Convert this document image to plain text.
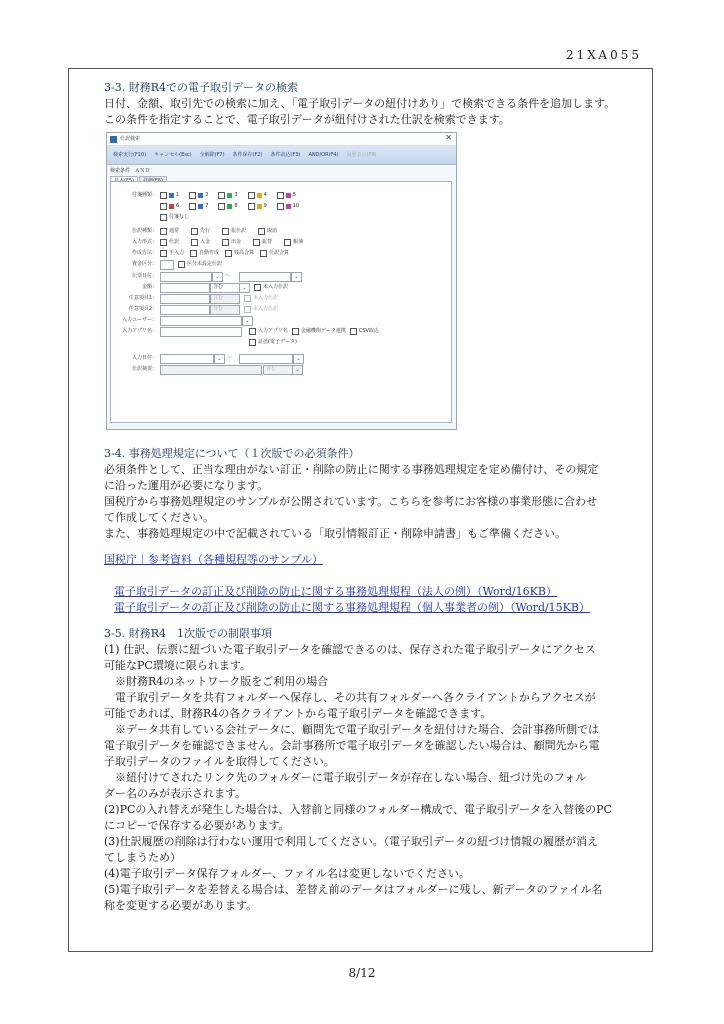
21XA055

3-3. 財務R4での電子取引データの検索

日付、金額、取引先での検索に加え、「電子取引データの紐付けあり」で検索できる条件を追加します。

この条件を指定することで、電子取引データが紐付けされた仕訳を検索できます。

仕訳検索	✕
検索実行(F10)	キャンセル(Esc)	全解除(F7)	条件保存(F2)	条件読込(F3)	AND/OR(F4)	履歴表示(F8)
検索条件 ＡＮＤ
付箋種類：	1	2	3	4	5
6	7	8	9	10
付箋なし
仕訳種類： 通常	先行	振仕訳	取消
入力形式： 仕訳	入金	出金	振替	帳簿
作成方法： 手入力	自動作成	残高合算	仕訳合算
資金区分：	区分未設定仕訳
伝票日付：	⌄	～	⌄
金額：	含む	⌄	未入力仕訳
任意項目1：	含む	未入力仕訳
任意項目2：	含む	未入力仕訳
入力ユーザー：	⌄
入力アプリ名：	入力アプリ名	金融機関データ連携	CSV取込
証憑(電子データ)
入力日付：	⌄	～	⌄
仕訳摘要：	含む	⌄

3-4. 事務処理規定について（１次版での必須条件）

必須条件として、正当な理由がない訂正・削除の防止に関する事務処理規定を定め備付け、その規定

に沿った運用が必要になります。

国税庁から事務処理規定のサンプルが公開されています。こちらを参考にお客様の事業形態に合わせ

て作成してください。

また、事務処理規定の中で記載されている「取引情報訂正・削除申請書」もご準備ください。

国税庁｜参考資料（各種規程等のサンプル）
電子取引データの訂正及び削除の防止に関する事務処理規程（法人の例）（Word/16KB）
電子取引データの訂正及び削除の防止に関する事務処理規程（個人事業者の例）（Word/15KB）

3-5. 財務R4　1次版での制限事項

(1) 仕訳、伝票に紐づいた電子取引データを確認できるのは、保存された電子取引データにアクセス

可能なPC環境に限られます。

※財務R4のネットワーク版をご利用の場合

電子取引データを共有フォルダーへ保存し、その共有フォルダーへ各クライアントからアクセスが

可能であれば、財務R4の各クライアントから電子取引データを確認できます。

※データ共有している会社データに、顧問先で電子取引データを紐付けた場合、会計事務所側では

電子取引データを確認できません。会計事務所で電子取引データを確認したい場合は、顧問先から電

子取引データのファイルを取得してください。

※紐付けてされたリンク先のフォルダーに電子取引データが存在しない場合、紐づけ先のフォル

ダー名のみが表示されます。

(2)PCの入れ替えが発生した場合は、入替前と同様のフォルダー構成で、電子取引データを入替後のPC

にコピーで保存する必要があります。

(3)仕訳履歴の削除は行わない運用で利用してください。（電子取引データの紐づけ情報の履歴が消え

てしまうため）

(4)電子取引データ保存フォルダー、ファイル名は変更しないでください。

(5)電子取引データを差替える場合は、差替え前のデータはフォルダーに残し、新データのファイル名

称を変更する必要があります。

8/12
